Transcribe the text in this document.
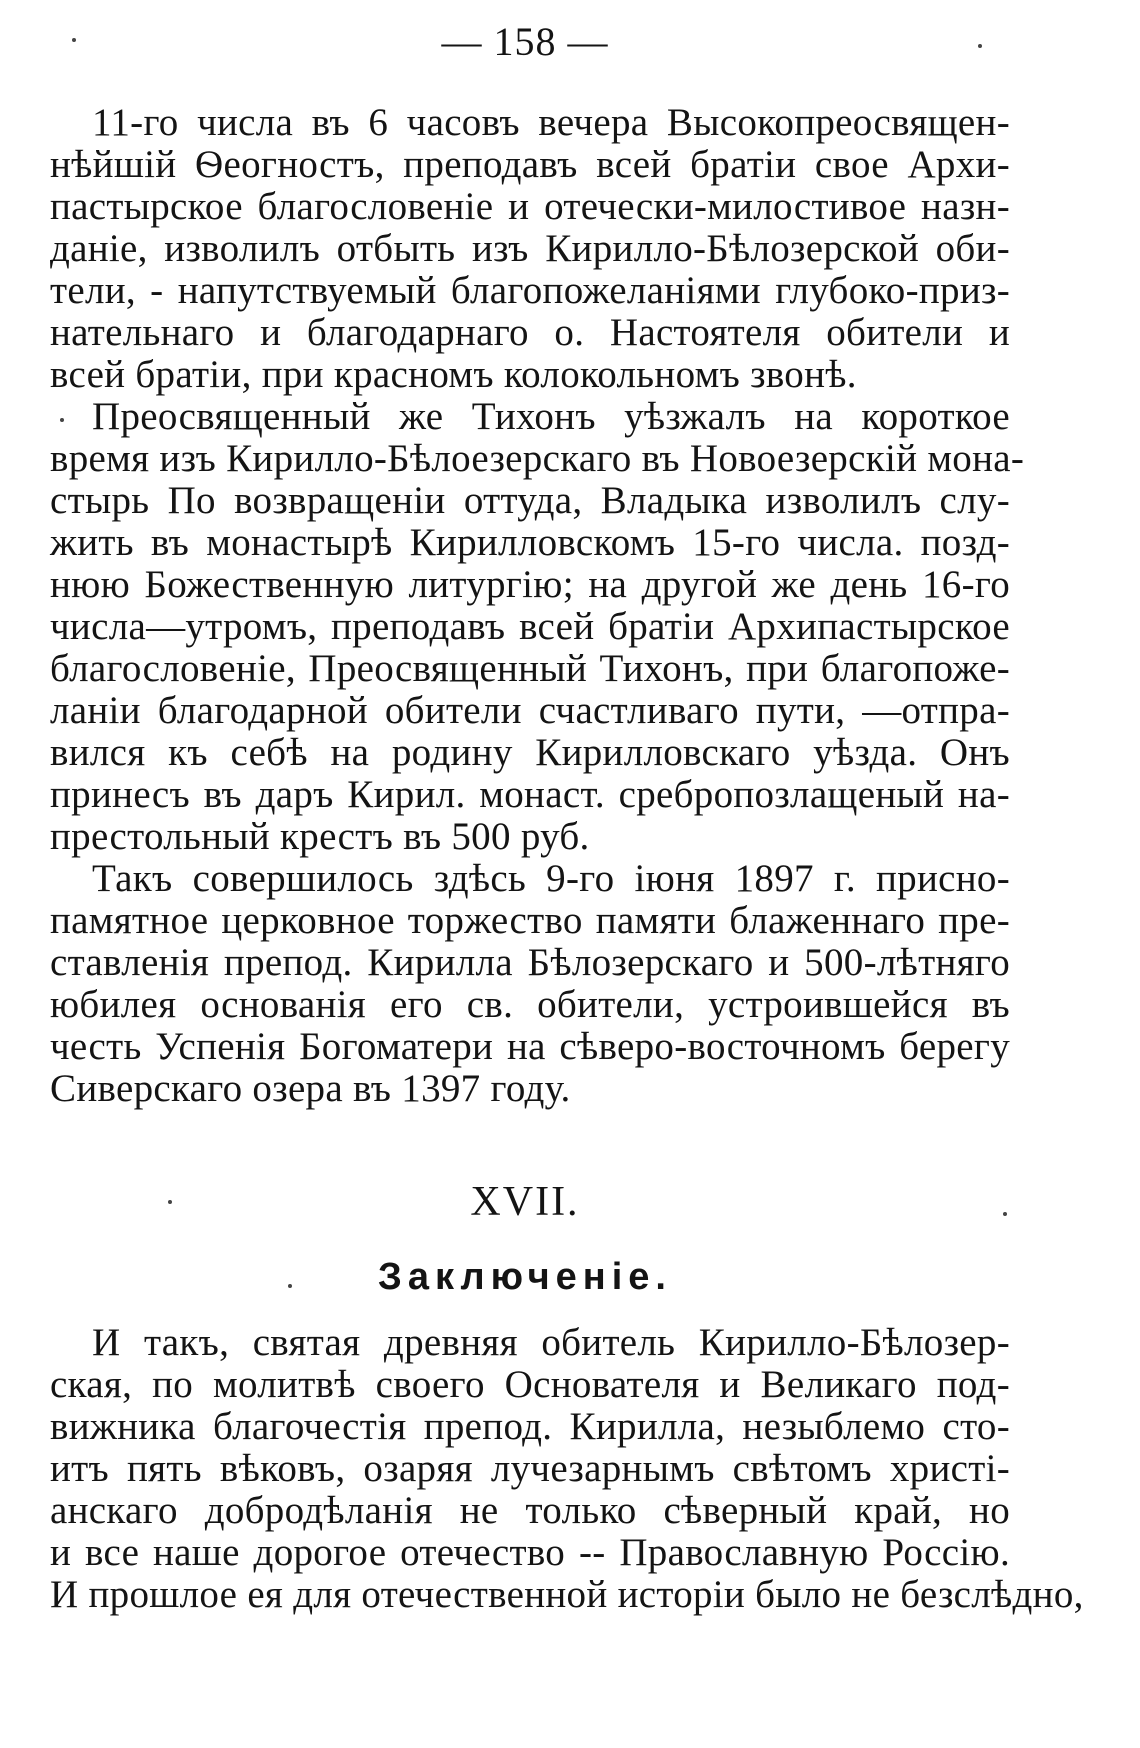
— 158 —
11-го числа въ 6 часовъ вечера Высокопреосвящен-
нѣйшій Ѳеогностъ, преподавъ всей братіи свое Архи-
пастырское благословеніе и отечески-милостивое назн-
даніе, изволилъ отбыть изъ Кирилло-Бѣлозерской оби-
тели, - напутствуемый благопожеланіями глубоко-приз-
нательнаго и благодарнаго о. Настоятеля обители и
всей братіи, при красномъ колокольномъ звонѣ.
Преосвященный же Тихонъ уѣзжалъ на короткое
время изъ Кирилло-Бѣлоезерскаго въ Новоезерскій мона-
стырь По возвращеніи оттуда, Владыка изволилъ слу-
жить въ монастырѣ Кирилловскомъ 15-го числа. позд-
нюю Божественную литургію; на другой же день 16-го
числа—утромъ, преподавъ всей братіи Архипастырское
благословеніе, Преосвященный Тихонъ, при благопоже-
ланіи благодарной обители счастливаго пути, —отпра-
вился къ себѣ на родину Кирилловскаго уѣзда. Онъ
принесъ въ даръ Кирил. монаст. сребропозлащеный на-
престольный крестъ въ 500 руб.
Такъ совершилось здѣсь 9-го іюня 1897 г. присно-
памятное церковное торжество памяти блаженнаго пре-
ставленія препод. Кирилла Бѣлозерскаго и 500-лѣтняго
юбилея основанія его св. обители, устроившейся въ
честь Успенія Богоматери на сѣверо-восточномъ берегу
Сиверскаго озера въ 1397 году.
XVII.
Заключеніе.
И такъ, святая древняя обитель Кирилло-Бѣлозер-
ская, по молитвѣ своего Основателя и Великаго под-
вижника благочестія препод. Кирилла, незыблемо сто-
итъ пять вѣковъ, озаряя лучезарнымъ свѣтомъ христі-
анскаго добродѣланія не только сѣверный край, но
и все наше дорогое отечество -- Православную Россію.
И прошлое ея для отечественной исторіи было не безслѣдно,
